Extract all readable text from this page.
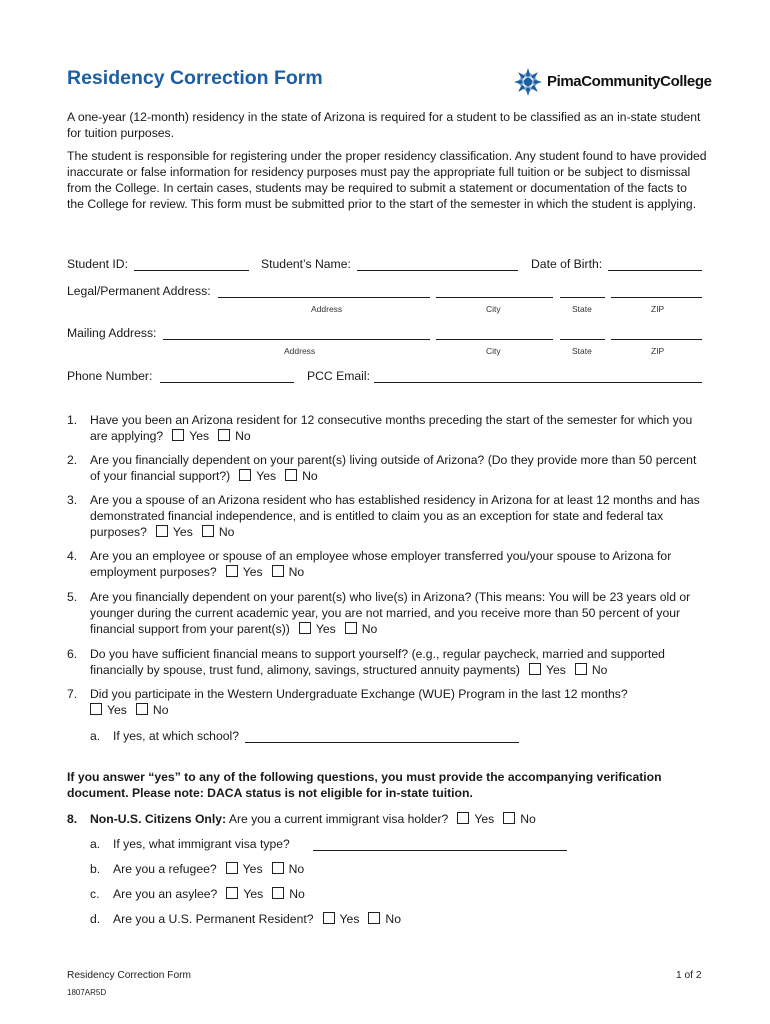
Residency Correction Form	PimaCommunityCollege
A one-year (12-month) residency in the state of Arizona is required for a student to be classified as an in-state student for tuition purposes.
The student is responsible for registering under the proper residency classification. Any student found to have provided inaccurate or false information for residency purposes must pay the appropriate full tuition or be subject to dismissal from the College. In certain cases, students may be required to submit a statement or documentation of the facts to the College for review. This form must be submitted prior to the start of the semester in which the student is applying.
Student ID:	Student’s Name:	Date of Birth:
Legal/Permanent Address:
Address	City	State	ZIP
Mailing Address:
Address	City	State	ZIP
Phone Number:	PCC Email:
1.	Have you been an Arizona resident for 12 consecutive months preceding the start of the semester for which you are applying? Yes No
2.	Are you financially dependent on your parent(s) living outside of Arizona? (Do they provide more than 50 percent of your financial support?) Yes No
3.	Are you a spouse of an Arizona resident who has established residency in Arizona for at least 12 months and has demonstrated financial independence, and is entitled to claim you as an exception for state and federal tax purposes? Yes No
4.	Are you an employee or spouse of an employee whose employer transferred you/your spouse to Arizona for employment purposes? Yes No
5.	Are you financially dependent on your parent(s) who live(s) in Arizona? (This means: You will be 23 years old or younger during the current academic year, you are not married, and you receive more than 50 percent of your financial support from your parent(s)) Yes No
6.	Do you have sufficient financial means to support yourself? (e.g., regular paycheck, married and supported financially by spouse, trust fund, alimony, savings, structured annuity payments) Yes No
7.	Did you participate in the Western Undergraduate Exchange (WUE) Program in the last 12 months?
Yes No
a. If yes, at which school?
If you answer “yes” to any of the following questions, you must provide the accompanying verification document. Please note: DACA status is not eligible for in-state tuition.
8.	Non-U.S. Citizens Only: Are you a current immigrant visa holder? Yes No
a. If yes, what immigrant visa type?
b. Are you a refugee? Yes No
c. Are you an asylee? Yes No
d. Are you a U.S. Permanent Resident? Yes No
Residency Correction Form
1807AR5D
1 of 2
